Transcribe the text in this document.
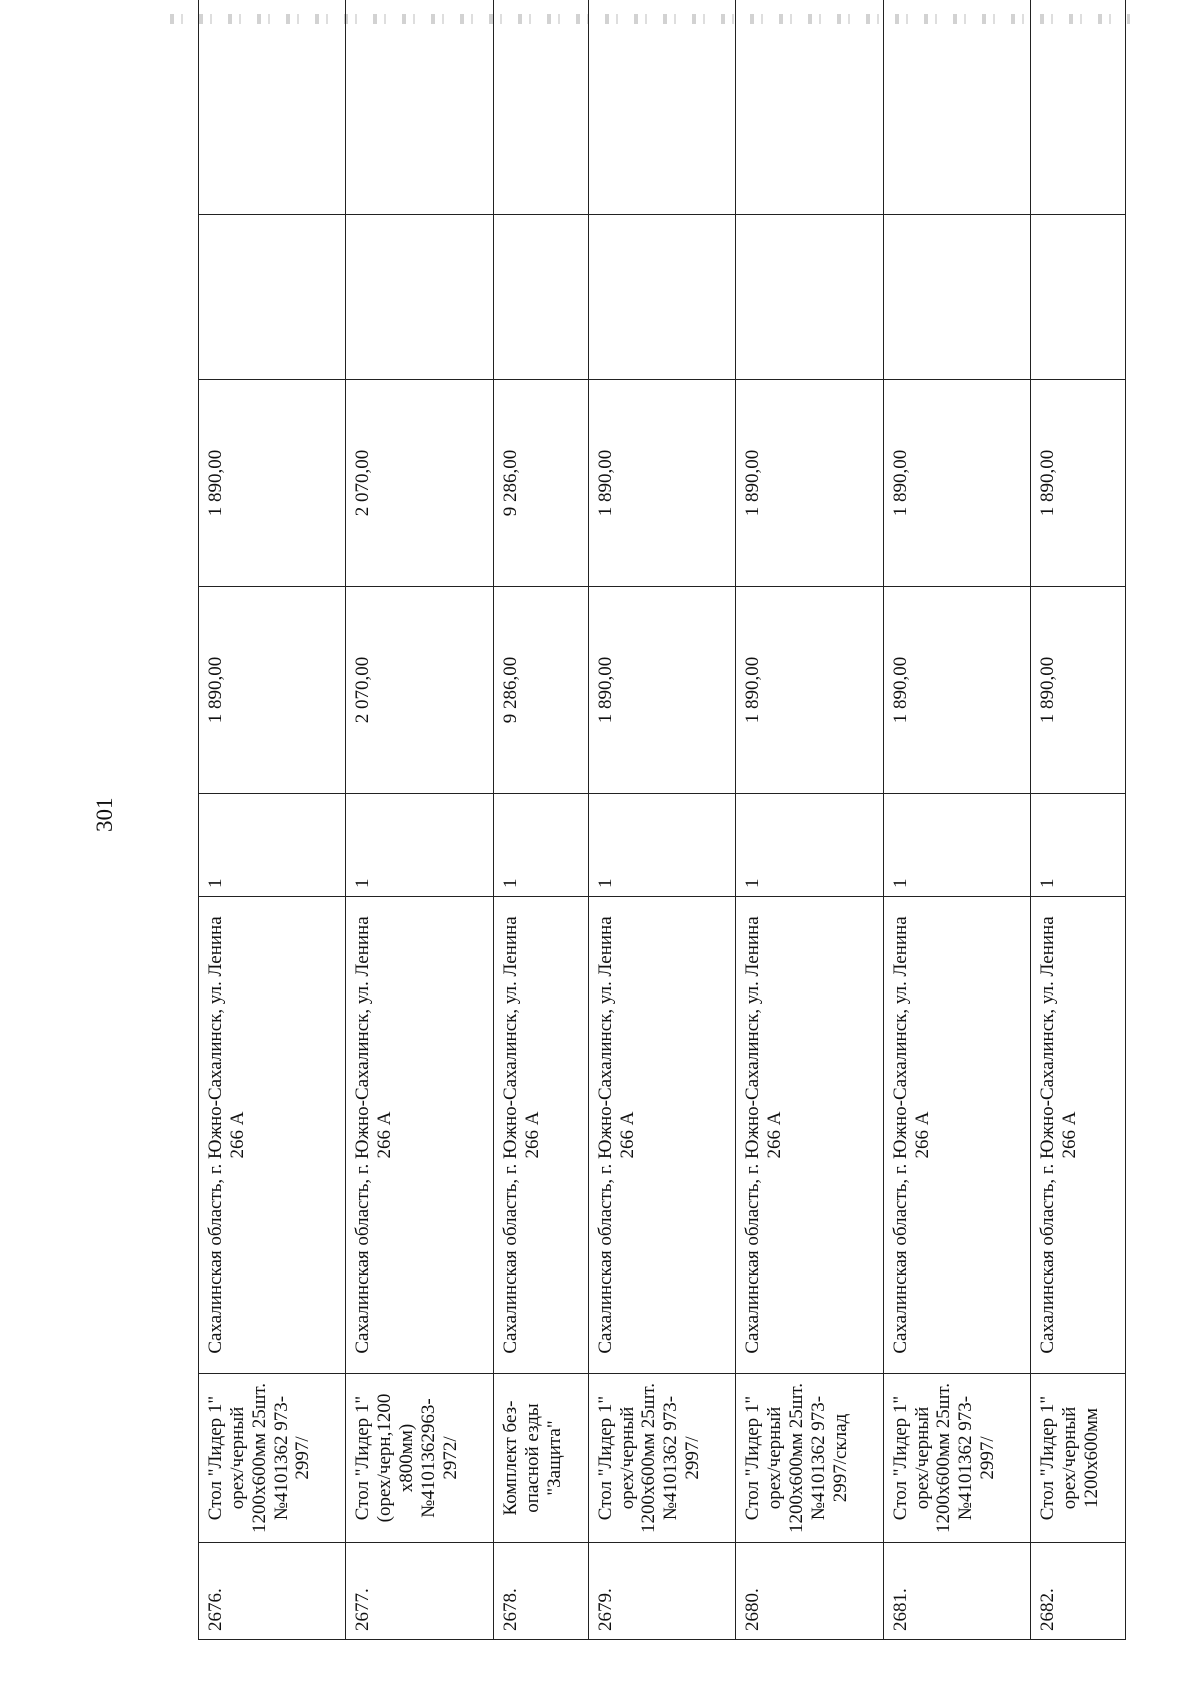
301
2676.	Стол "Лидер 1" орех/черный 1200х600мм 25шт.№4101362 973-2997/	Сахалинская область, г. Южно-Сахалинск, ул. Ленина 266 А	1	1 890,00	1 890,00		
2677.	Стол "Лидер 1" (орех/черн,1200 х800мм) №4101362963-2972/	Сахалинская область, г. Южно-Сахалинск, ул. Ленина 266 А	1	2 070,00	2 070,00		
2678.	Комплект без-опасной езды "Защита"	Сахалинская область, г. Южно-Сахалинск, ул. Ленина 266 А	1	9 286,00	9 286,00		
2679.	Стол "Лидер 1" орех/черный 1200х600мм 25шт.№4101362 973-2997/	Сахалинская область, г. Южно-Сахалинск, ул. Ленина 266 А	1	1 890,00	1 890,00		
2680.	Стол "Лидер 1" орех/черный 1200х600мм 25шт.№4101362 973-2997/склад	Сахалинская область, г. Южно-Сахалинск, ул. Ленина 266 А	1	1 890,00	1 890,00		
2681.	Стол "Лидер 1" орех/черный 1200х600мм 25шт.№4101362 973-2997/	Сахалинская область, г. Южно-Сахалинск, ул. Ленина 266 А	1	1 890,00	1 890,00		
2682.	Стол "Лидер 1" орех/черный 1200х600мм	Сахалинская область, г. Южно-Сахалинск, ул. Ленина 266 А	1	1 890,00	1 890,00		
